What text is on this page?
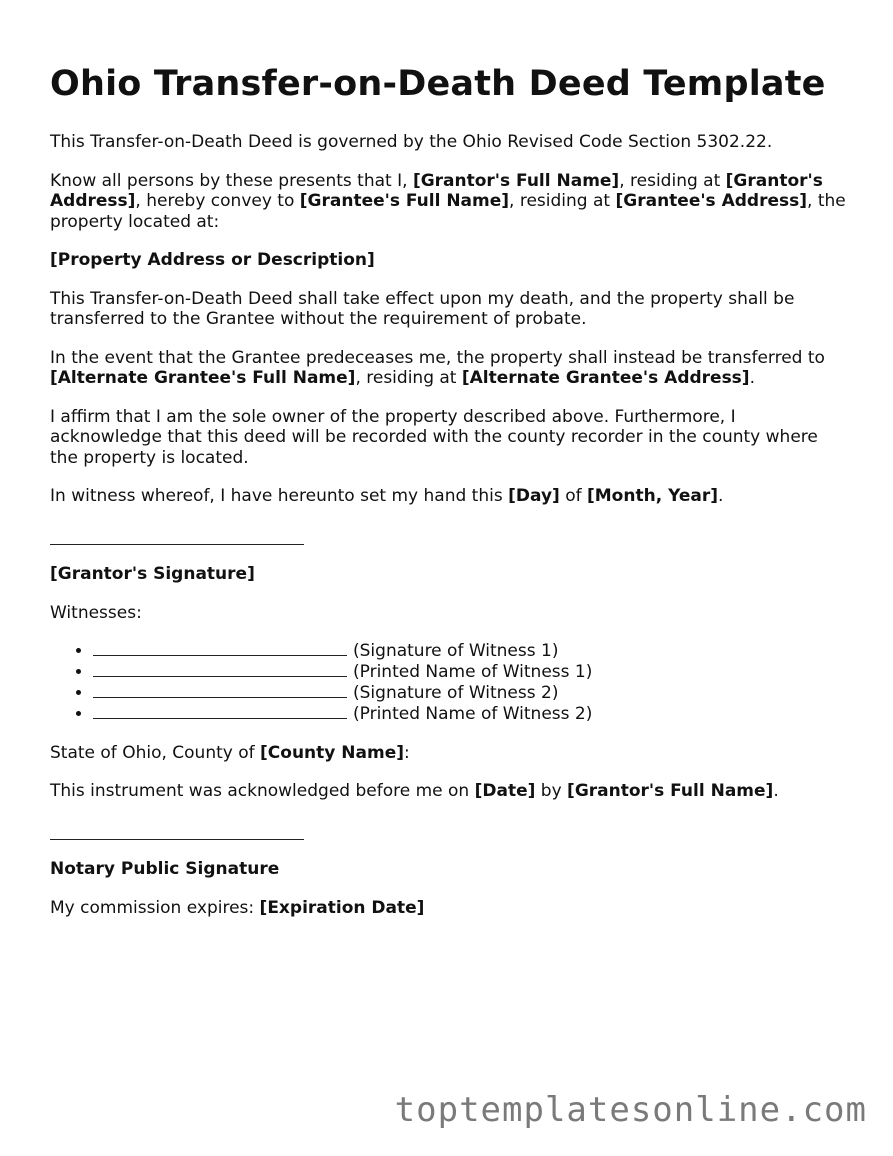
Ohio Transfer-on-Death Deed Template

This Transfer-on-Death Deed is governed by the Ohio Revised Code Section 5302.22.

Know all persons by these presents that I, [Grantor's Full Name], residing at [Grantor's Address], hereby convey to [Grantee's Full Name], residing at [Grantee's Address], the property located at:

[Property Address or Description]

This Transfer-on-Death Deed shall take effect upon my death, and the property shall be transferred to the Grantee without the requirement of probate.

In the event that the Grantee predeceases me, the property shall instead be transferred to [Alternate Grantee's Full Name], residing at [Alternate Grantee's Address].

I affirm that I am the sole owner of the property described above. Furthermore, I acknowledge that this deed will be recorded with the county recorder in the county where the property is located.

In witness whereof, I have hereunto set my hand this [Day] of [Month, Year].

[Grantor's Signature]

Witnesses:

• (Signature of Witness 1)
• (Printed Name of Witness 1)
• (Signature of Witness 2)
• (Printed Name of Witness 2)

State of Ohio, County of [County Name]:

This instrument was acknowledged before me on [Date] by [Grantor's Full Name].

Notary Public Signature

My commission expires: [Expiration Date]

toptemplatesonline.com
